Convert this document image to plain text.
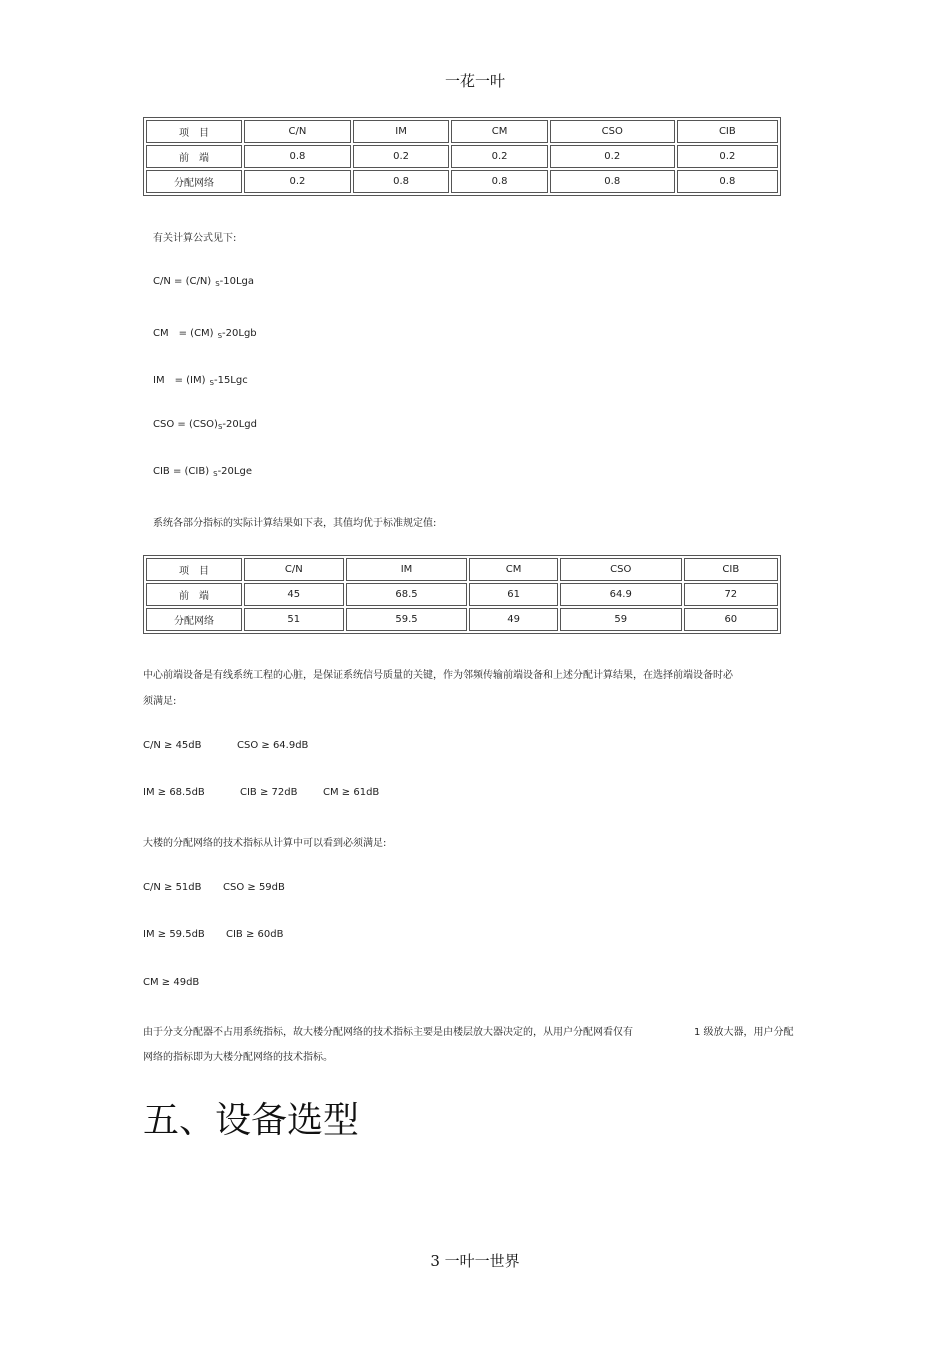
一花一叶
项　目	C/N	IM	CM	CSO	CIB
前　端	0.8	0.2	0.2	0.2	0.2
分配网络	0.2	0.8	0.8	0.8	0.8
有关计算公式见下:
C/N = (C/N) $_S$-10Lga
CM　= (CM) $_S$-20Lgb
IM　= (IM) $_S$-15Lgc
CSO = $(CSO)_S-20Lgd$
CIB = (CIB) $_S$-20Lge
系统各部分指标的实际计算结果如下表，其值均优于标准规定值:
项　目	C/N	IM	CM	CSO	CIB
前　端	45	68.5	61	64.9	72
分配网络	51	59.5	49	59	60
中心前端设备是有线系统工程的心脏，是保证系统信号质量的关键，作为邻频传输前端设备和上述分配计算结果，在选择前端设备时必
须满足:
C/N ≥ 45dB	CSO ≥ 64.9dB
IM ≥ 68.5dB	CIB ≥ 72dB	CM ≥ 61dB
大楼的分配网络的技术指标从计算中可以看到必须满足:
C/N ≥ 51dB CSO ≥ 59dB
IM ≥ 59.5dB CIB ≥ 60dB
CM ≥ 49dB
由于分支分配器不占用系统指标，故大楼分配网络的技术指标主要是由楼层放大器决定的，从用户分配网看仅有	1 级放大器，用户分配
网络的指标即为大楼分配网络的技术指标。
五、设备选型
3 一叶一世界
